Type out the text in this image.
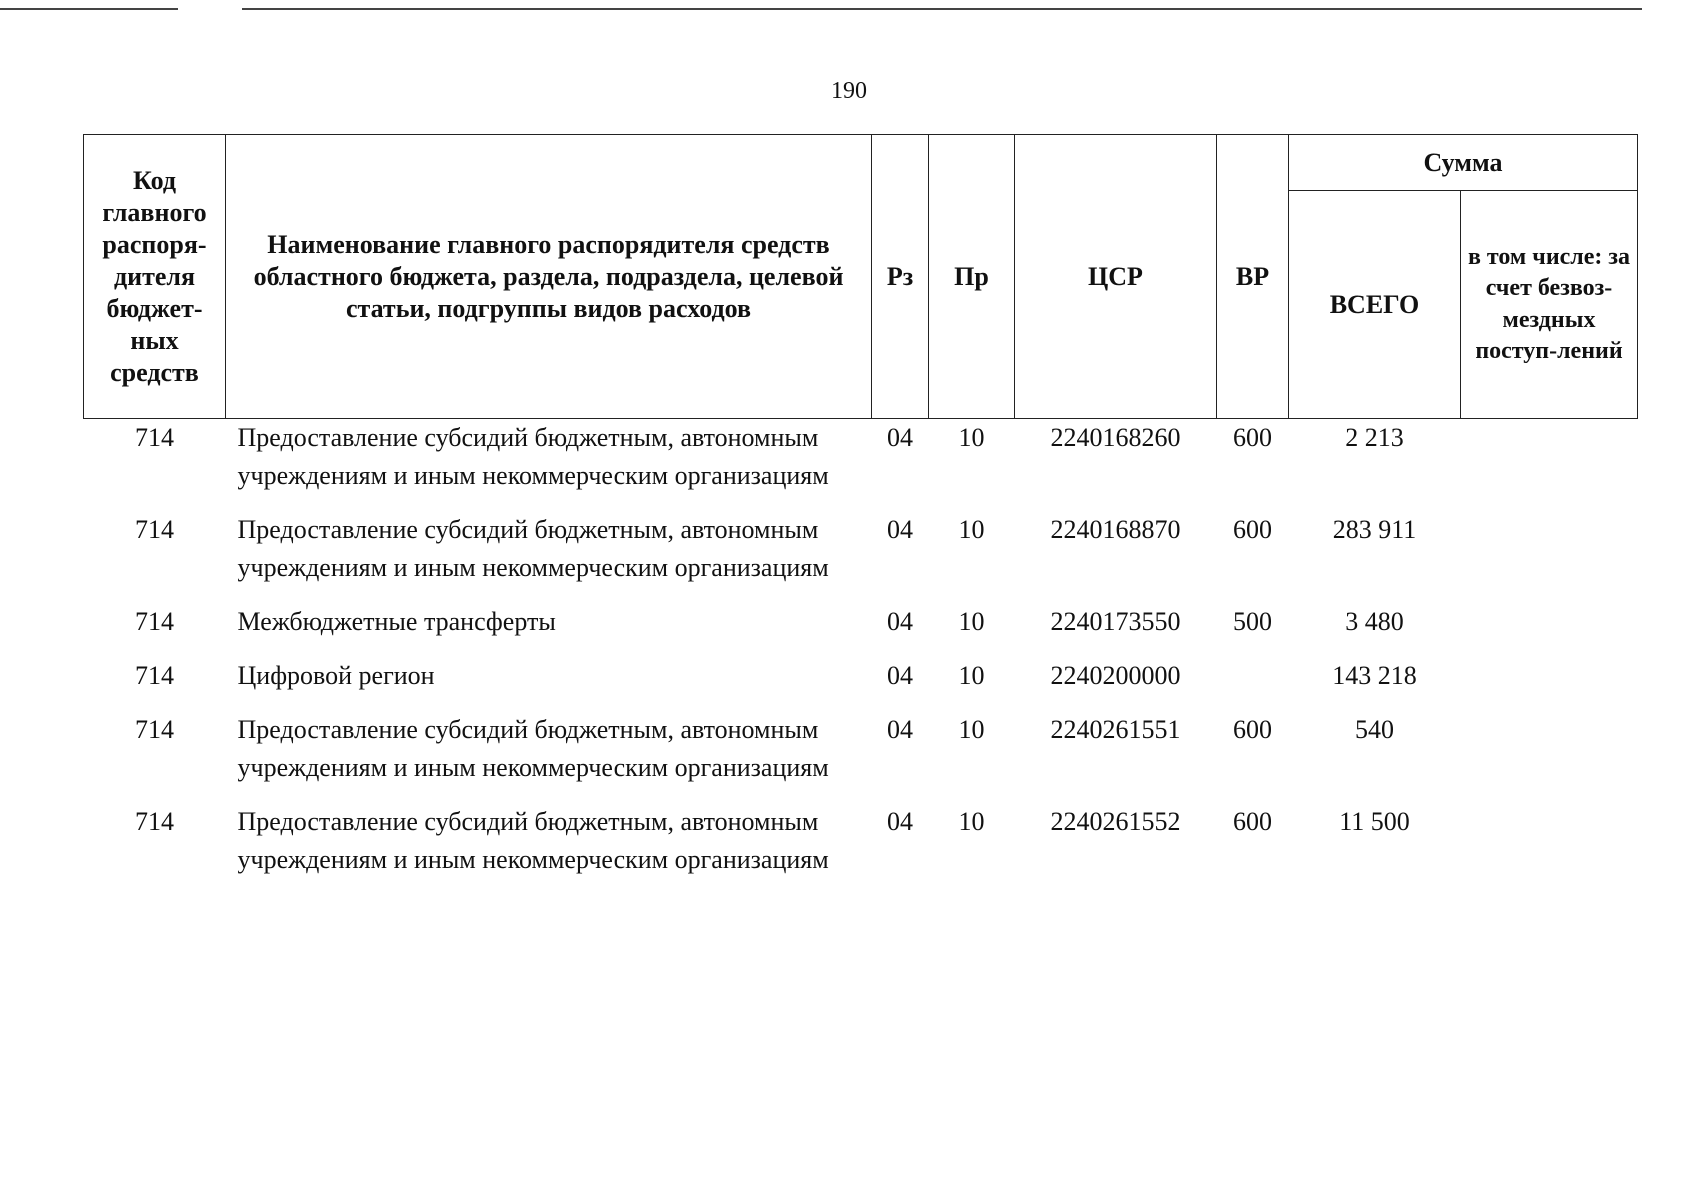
190
Код главного распоря-дителя бюджет-ных средств	Наименование главного распорядителя средств областного бюджета, раздела, подраздела, целевой статьи, подгруппы видов расходов	Рз	Пр	ЦСР	ВР	Сумма	
						ВСЕГО	в том числе: за счет безвоз-мездных поступ-лений
714	Предоставление субсидий бюджетным, автономным учреждениям и иным некоммерческим организациям	04	10	2240168260	600	2 213	
714	Предоставление субсидий бюджетным, автономным учреждениям и иным некоммерческим организациям	04	10	2240168870	600	283 911	
714	Межбюджетные трансферты	04	10	2240173550	500	3 480	
714	Цифровой регион	04	10	2240200000		143 218	
714	Предоставление субсидий бюджетным, автономным учреждениям и иным некоммерческим организациям	04	10	2240261551	600	540	
714	Предоставление субсидий бюджетным, автономным учреждениям и иным некоммерческим организациям	04	10	2240261552	600	11 500	
